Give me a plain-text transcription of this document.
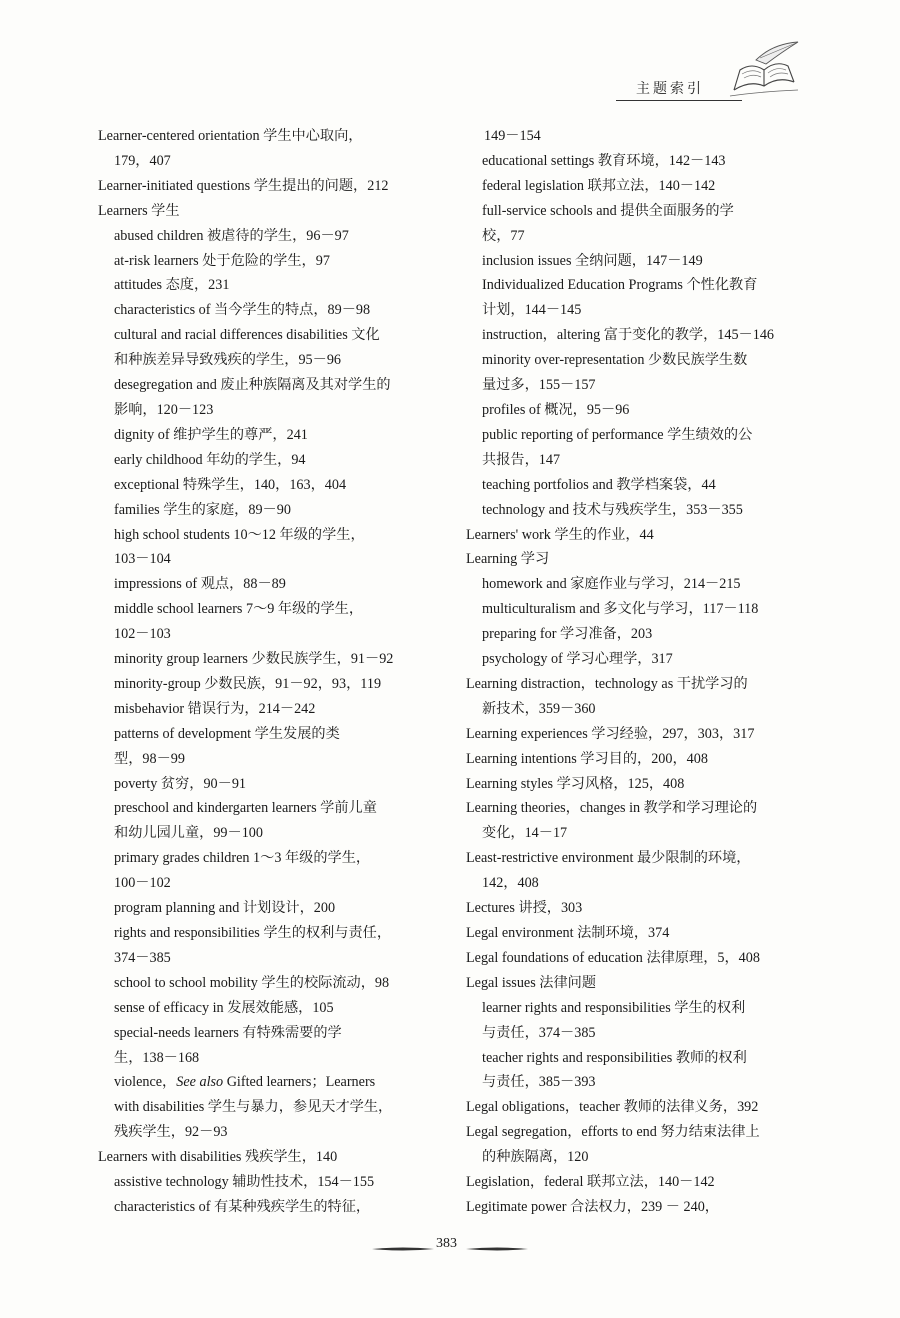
主题索引

Learner-centered orientation 学生中心取向，

179，407

Learner-initiated questions 学生提出的问题，212

Learners 学生

abused children 被虐待的学生，96－97

at-risk learners 处于危险的学生，97

attitudes 态度，231

characteristics of 当今学生的特点，89－98

cultural and racial differences disabilities 文化

和种族差异导致残疾的学生，95－96

desegregation and 废止种族隔离及其对学生的

影响，120－123

dignity of 维护学生的尊严，241

early childhood 年幼的学生，94

exceptional 特殊学生，140，163，404

families 学生的家庭，89－90

high school students 10～12 年级的学生，

103－104

impressions of 观点，88－89

middle school learners 7～9 年级的学生，

102－103

minority group learners 少数民族学生，91－92

minority-group 少数民族，91－92，93，119

misbehavior 错误行为，214－242

patterns of development 学生发展的类

型，98－99

poverty 贫穷，90－91

preschool and kindergarten learners 学前儿童

和幼儿园儿童，99－100

primary grades children 1～3 年级的学生，

100－102

program planning and 计划设计，200

rights and responsibilities 学生的权利与责任，

374－385

school to school mobility 学生的校际流动，98

sense of efficacy in 发展效能感，105

special-needs learners 有特殊需要的学

生，138－168

violence，See also Gifted learners；Learners

with disabilities 学生与暴力，参见天才学生，

残疾学生，92－93

Learners with disabilities 残疾学生，140

assistive technology 辅助性技术，154－155

characteristics of 有某种残疾学生的特征，

149－154

educational settings 教育环境，142－143

federal legislation 联邦立法，140－142

full-service schools and 提供全面服务的学

校，77

inclusion issues 全纳问题，147－149

Individualized Education Programs 个性化教育

计划，144－145

instruction，altering 富于变化的教学，145－146

minority over-representation 少数民族学生数

量过多，155－157

profiles of 概况，95－96

public reporting of performance 学生绩效的公

共报告，147

teaching portfolios and 教学档案袋，44

technology and 技术与残疾学生，353－355

Learners' work 学生的作业，44

Learning 学习

homework and 家庭作业与学习，214－215

multiculturalism and 多文化与学习，117－118

preparing for 学习准备，203

psychology of 学习心理学，317

Learning distraction，technology as 干扰学习的

新技术，359－360

Learning experiences 学习经验，297，303，317

Learning intentions 学习目的，200，408

Learning styles 学习风格，125，408

Learning theories，changes in 教学和学习理论的

变化，14－17

Least-restrictive environment 最少限制的环境，

142，408

Lectures 讲授，303

Legal environment 法制环境，374

Legal foundations of education 法律原理，5，408

Legal issues 法律问题

learner rights and responsibilities 学生的权利

与责任，374－385

teacher rights and responsibilities 教师的权利

与责任，385－393

Legal obligations，teacher 教师的法律义务，392

Legal segregation，efforts to end 努力结束法律上

的种族隔离，120

Legislation，federal 联邦立法，140－142

Legitimate power 合法权力，239 － 240，

383
